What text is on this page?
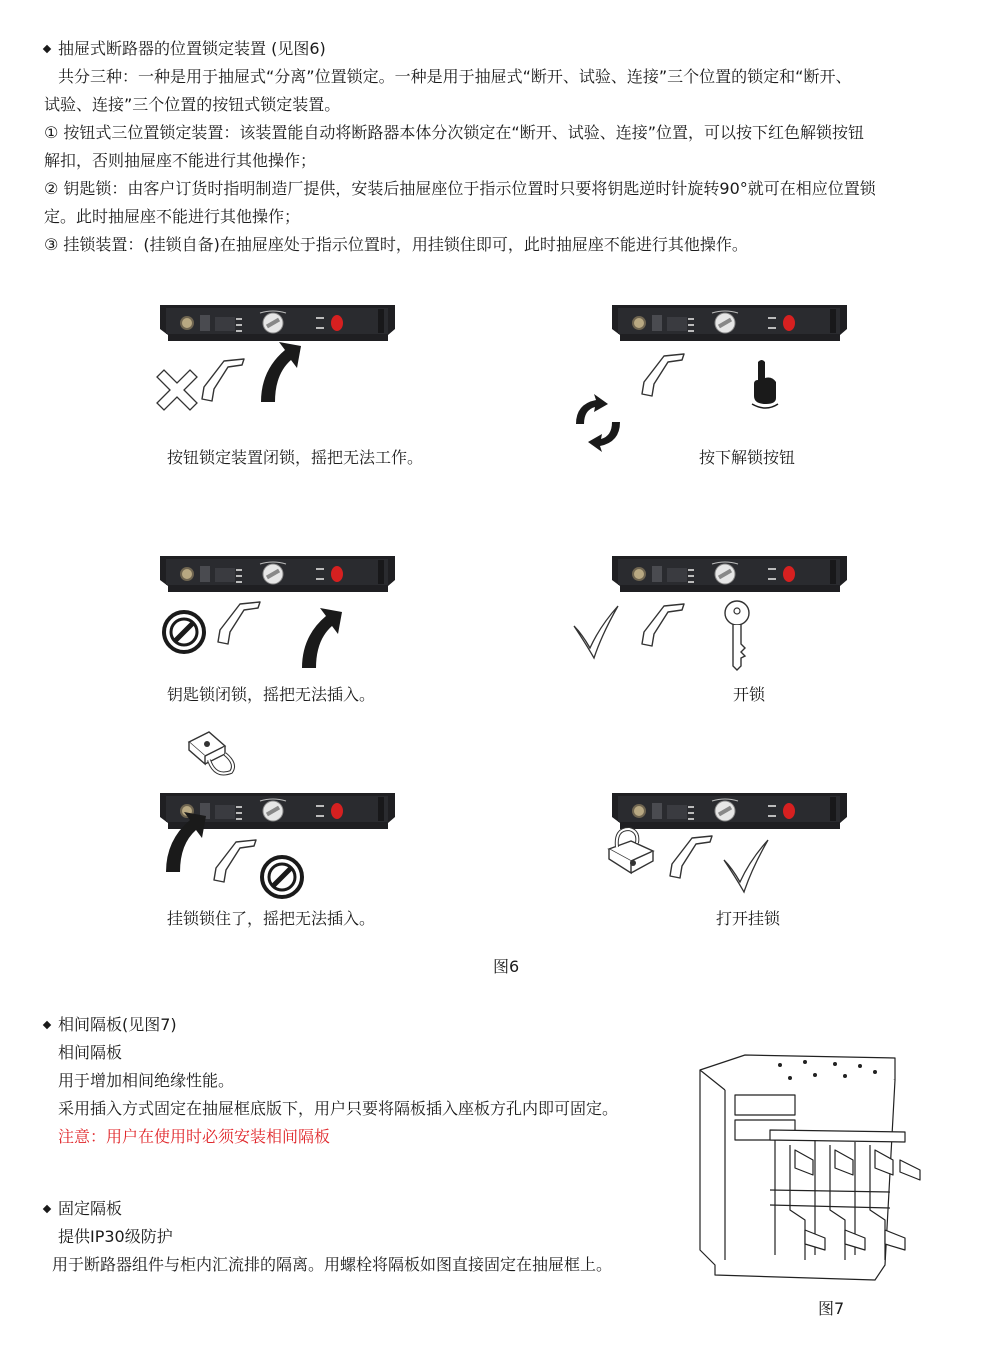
抽屉式断路器的位置锁定装置 (见图6)
共分三种：一种是用于抽屉式“分离”位置锁定。一种是用于抽屉式“断开、试验、连接”三个位置的锁定和“断开、
试验、连接”三个位置的按钮式锁定装置。
① 按钮式三位置锁定装置：该装置能自动将断路器本体分次锁定在“断开、试验、连接”位置，可以按下红色解锁按钮
解扣，否则抽屉座不能进行其他操作；
② 钥匙锁：由客户订货时指明制造厂提供，安装后抽屉座位于指示位置时只要将钥匙逆时针旋转90°就可在相应位置锁
定。此时抽屉座不能进行其他操作；
③ 挂锁装置：(挂锁自备)在抽屉座处于指示位置时，用挂锁住即可，此时抽屉座不能进行其他操作。
按钮锁定装置闭锁，摇把无法工作。	按下解锁按钮
钥匙锁闭锁，摇把无法插入。	开锁
挂锁锁住了，摇把无法插入。	打开挂锁
图6
相间隔板(见图7)
相间隔板
用于增加相间绝缘性能。
采用插入方式固定在抽屉框底版下，用户只要将隔板插入座板方孔内即可固定。
注意：用户在使用时必须安装相间隔板
固定隔板
提供IP30级防护
用于断路器组件与柜内汇流排的隔离。用螺栓将隔板如图直接固定在抽屉框上。
图7
